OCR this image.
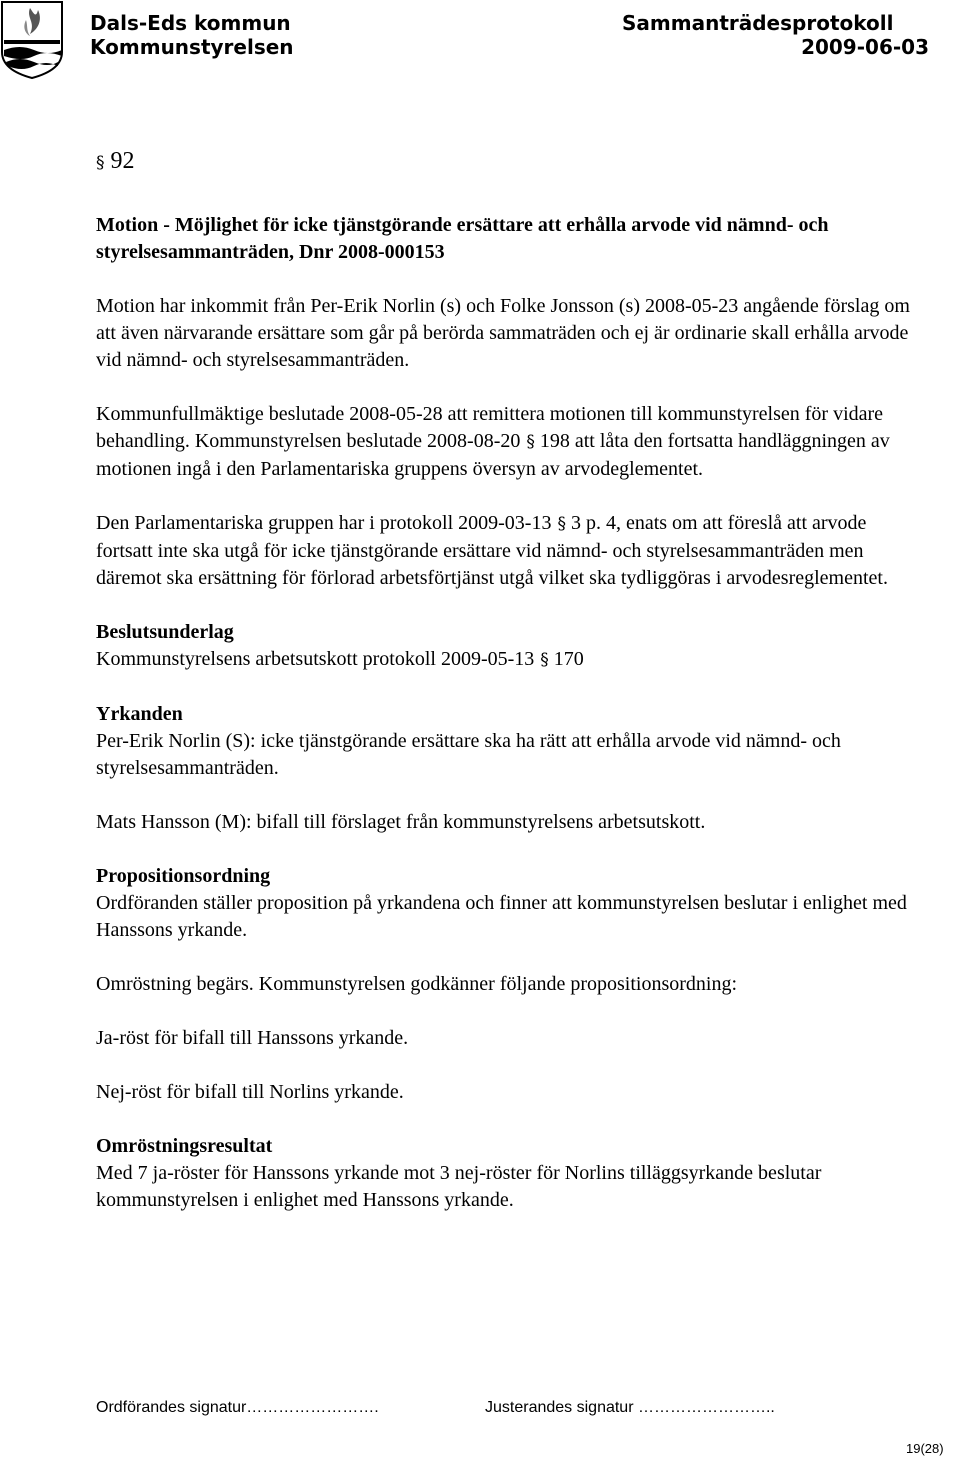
Dals-Eds kommun
Kommunstyrelsen
Sammanträdesprotokoll
2009-06-03
§ 92
Motion - Möjlighet för icke tjänstgörande ersättare att erhålla arvode vid nämnd- och styrelsesammanträden, Dnr 2008-000153

Motion har inkommit från Per-Erik Norlin (s) och Folke Jonsson (s) 2008-05-23 angående förslag om att även närvarande ersättare som går på berörda sammaträden och ej är ordinarie skall erhålla arvode vid nämnd- och styrelsesammanträden.

Kommunfullmäktige beslutade 2008-05-28 att remittera motionen till kommunstyrelsen för vidare behandling. Kommunstyrelsen beslutade 2008-08-20 § 198 att låta den fortsatta handläggningen av motionen ingå i den Parlamentariska gruppens översyn av arvodeglementet.

Den Parlamentariska gruppen har i protokoll 2009-03-13 § 3 p. 4, enats om att föreslå att arvode fortsatt inte ska utgå för icke tjänstgörande ersättare vid nämnd- och styrelsesammanträden men däremot ska ersättning för förlorad arbetsförtjänst utgå vilket ska tydliggöras i arvodesreglementet.

Beslutsunderlag

Kommunstyrelsens arbetsutskott protokoll 2009-05-13 § 170

Yrkanden

Per-Erik Norlin (S): icke tjänstgörande ersättare ska ha rätt att erhålla arvode vid nämnd- och styrelsesammanträden.

Mats Hansson (M): bifall till förslaget från kommunstyrelsens arbetsutskott.

Propositionsordning

Ordföranden ställer proposition på yrkandena och finner att kommunstyrelsen beslutar i enlighet med Hanssons yrkande.

Omröstning begärs. Kommunstyrelsen godkänner följande propositionsordning:

Ja-röst för bifall till Hanssons yrkande.

Nej-röst för bifall till Norlins yrkande.

Omröstningsresultat

Med 7 ja-röster för Hanssons yrkande mot 3 nej-röster för Norlins tilläggsyrkande beslutar kommunstyrelsen i enlighet med Hanssons yrkande.

Ordförandes signatur…………………….	Justerandes signatur ……………………..
19(28)
